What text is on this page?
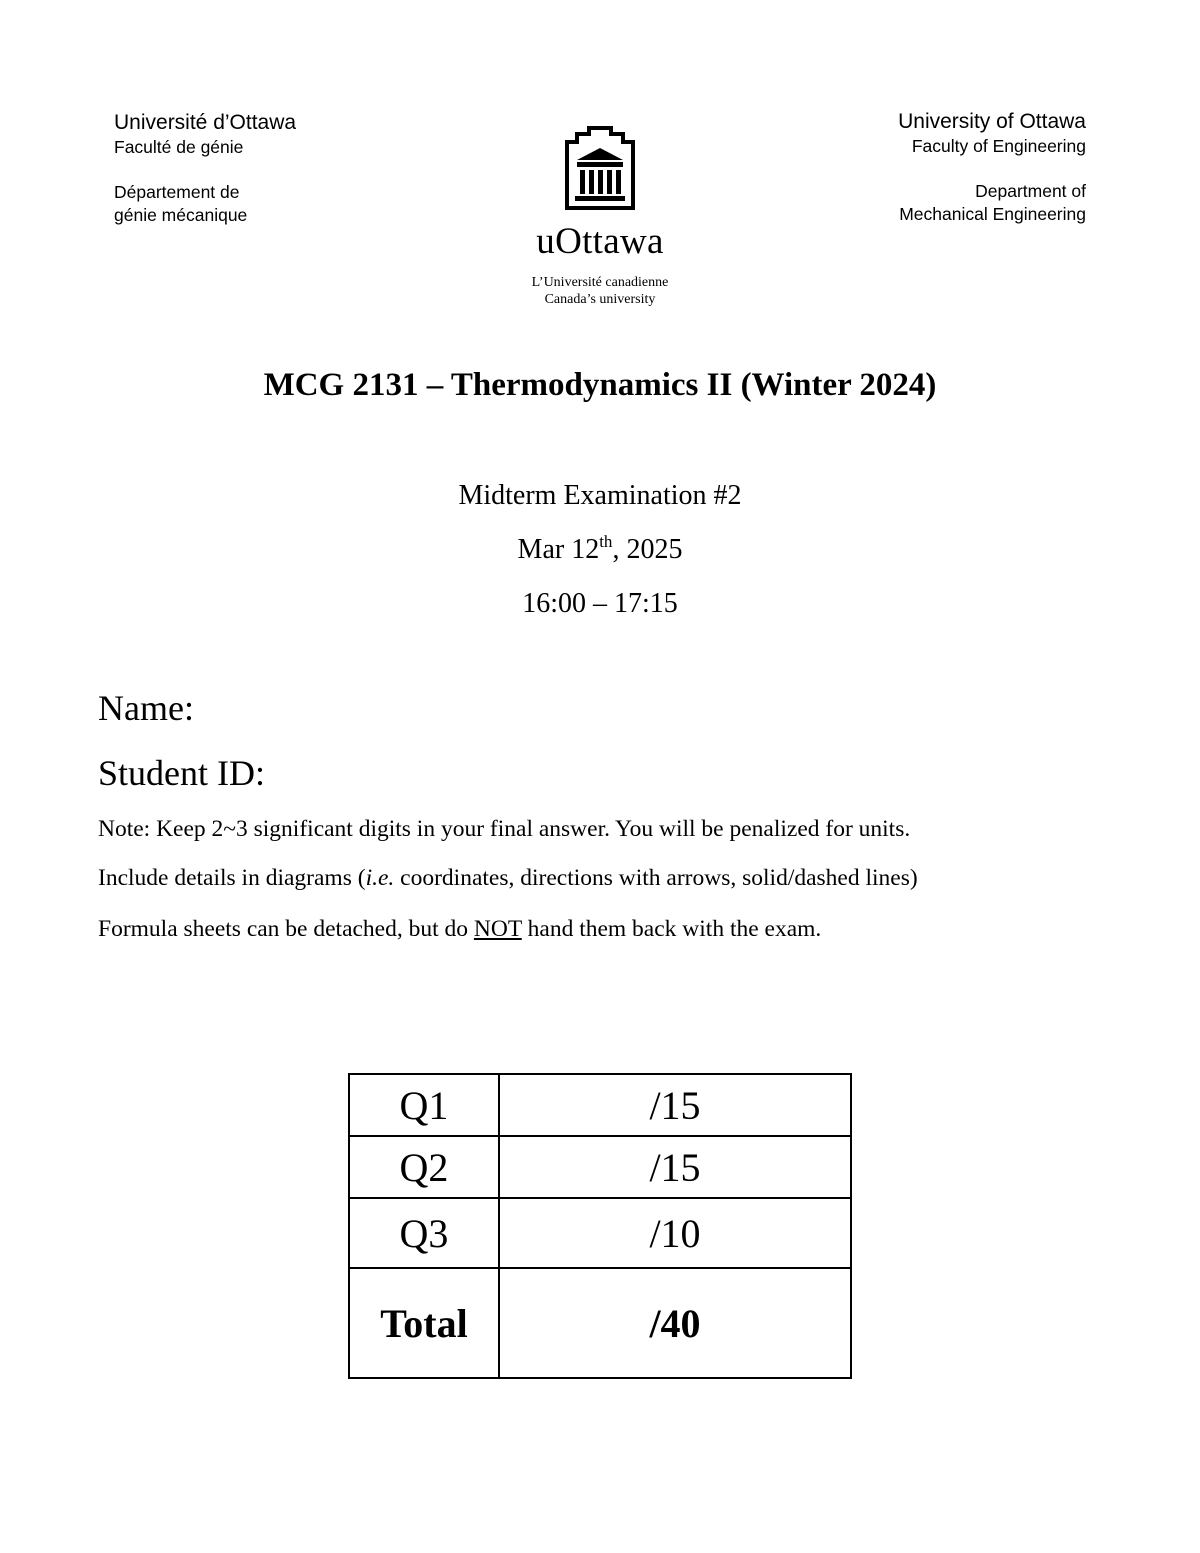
Université d’Ottawa
Faculté de génie
Département de
génie mécanique
uOttawa
L’Université canadienne
Canada’s university
University of Ottawa
Faculty of Engineering
Department of
Mechanical Engineering
MCG 2131 – Thermodynamics II (Winter 2024)
Midterm Examination #2
Mar 12th, 2025
16:00 – 17:15
Name:
Student ID:
Note: Keep 2~3 significant digits in your final answer. You will be penalized for units.
Include details in diagrams (i.e. coordinates, directions with arrows, solid/dashed lines)
Formula sheets can be detached, but do NOT hand them back with the exam.
Q1	/15
Q2	/15
Q3	/10
Total	/40
